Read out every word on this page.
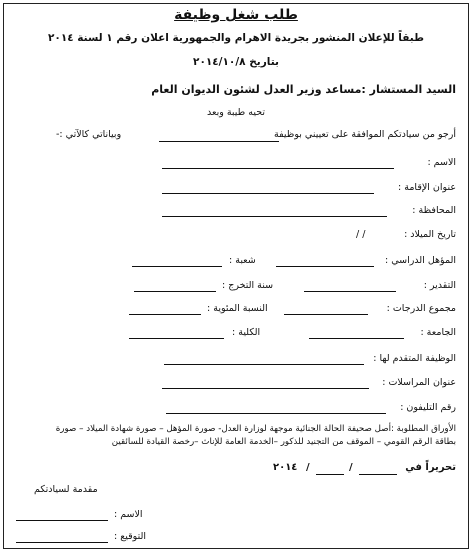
طلب شغل وظيفة
طبقاً للإعلان المنشور بجريدة الاهرام والجمهورية اعلان رقم ١ لسنة ٢٠١٤
بتاريخ ٢٠١٤/١٠/٨
السيد المستشار :مساعد وزير العدل لشئون الديوان العام
تحيه طيبة وبعد
أرجو من سيادتكم الموافقة على تعييني بوظيفة
وبياناتي كالآتي :-
الاسم :
عنوان الإقامة :
المحافظة :
تاريخ الميلاد :
/ /
المؤهل الدراسي :
شعبة :
التقدير :
سنة التخرج :
مجموع الدرجات :
النسبة المئوية :
الجامعة :
الكلية :
الوظيفة المتقدم لها :
عنوان المراسلات :
رقم التليفون :
الأوراق المطلوبة :أصل صحيفة الحالة الجنائية موجهة لوزارة العدل- صورة المؤهل – صورة شهادة الميلاد – صورة
بطاقة الرقم القومي – الموقف من التجنيد للذكور –الخدمة العامة للإناث –رخصة القيادة للسائقين
تحريراً في
/
/
٢٠١٤
مقدمة لسيادتكم
الاسم :
التوقيع :
